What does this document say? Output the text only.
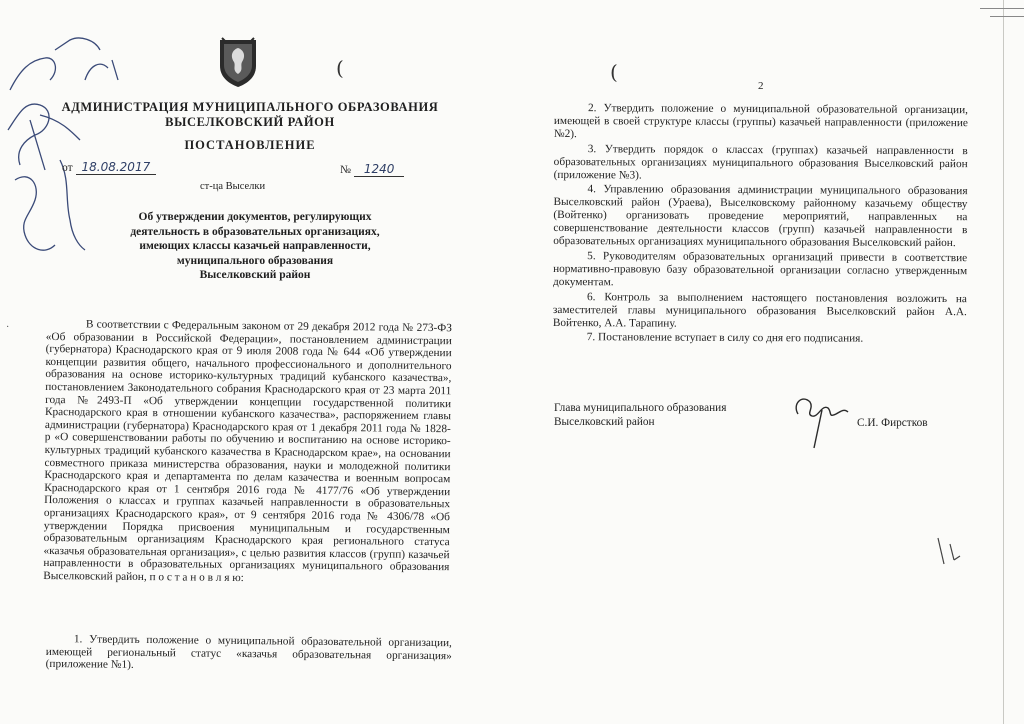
·
АДМИНИСТРАЦИЯ МУНИЦИПАЛЬНОГО ОБРАЗОВАНИЯ
ВЫСЕЛКОВСКИЙ РАЙОН
ПОСТАНОВЛЕНИЕ
от 18.08.2017	№ 1240
ст-ца Выселки
Об утверждении документов, регулирующих
деятельность в образовательных организациях,
имеющих классы казачьей направленности,
муниципального образования
Выселковский район
В соответствии с Федеральным законом от 29 декабря 2012 года № 273-ФЗ «Об образовании в Российской Федерации», постановлением администрации (губернатора) Краснодарского края от 9 июля 2008 года № 644 «Об утверждении концепции развития общего, начального профессионального и дополнительного образования на основе историко-культурных традиций кубанского казачества», постановлением Законодательного собрания Краснодарского края от 23 марта 2011 года №2493-П «Об утверждении концепции государственной политики Краснодарского края в отношении кубанского казачества», распоряжением главы администрации (губернатора) Краснодарского края от 1 декабря 2011 года № 1828-р «О совершенствовании работы по обучению и воспитанию на основе историко-культурных традиций кубанского казачества в Краснодарском крае», на основании совместного приказа министерства образования, науки и молодежной политики Краснодарского края и департамента по делам казачества и военным вопросам Краснодарского края от 1 сентября 2016 года № 4177/76 «Об утверждении Положения о классах и группах казачьей направленности в образовательных организациях Краснодарского края», от 9 сентября 2016 года № 4306/78 «Об утверждении Порядка присвоения муниципальным и государственным образовательным организациям Краснодарского края регионального статуса «казачья образовательная организация», с целью развития классов (групп) казачьей направленности в образовательных организациях муниципального образования Выселковский район, п о с т а н о в л я ю:
1. Утвердить положение о муниципальной образовательной организации, имеющей региональный статус «казачья образовательная организация» (приложение №1).
(	(
2

2. Утвердить положение о муниципальной образовательной организации, имеющей в своей структуре классы (группы) казачьей направленности (приложение №2).

3. Утвердить порядок о классах (группах) казачьей направленности в образовательных организациях муниципального образования Выселковский район (приложение №3).

4. Управлению образования администрации муниципального образования Выселковский район (Ураева), Выселковскому районному казачьему обществу (Войтенко) организовать проведение мероприятий, направленных на совершенствование деятельности классов (групп) казачьей направленности в образовательных организациях муниципального образования Выселковский район.

5. Руководителям образовательных организаций привести в соответствие нормативно-правовую базу образовательной организации согласно утвержденным документам.

6. Контроль за выполнением настоящего постановления возложить на заместителей главы муниципального образования Выселковский район А.А. Войтенко, А.А. Тарапину.

7. Постановление вступает в силу со дня его подписания.

Глава муниципального образования
Выселковский район	С.И. Фирстков
